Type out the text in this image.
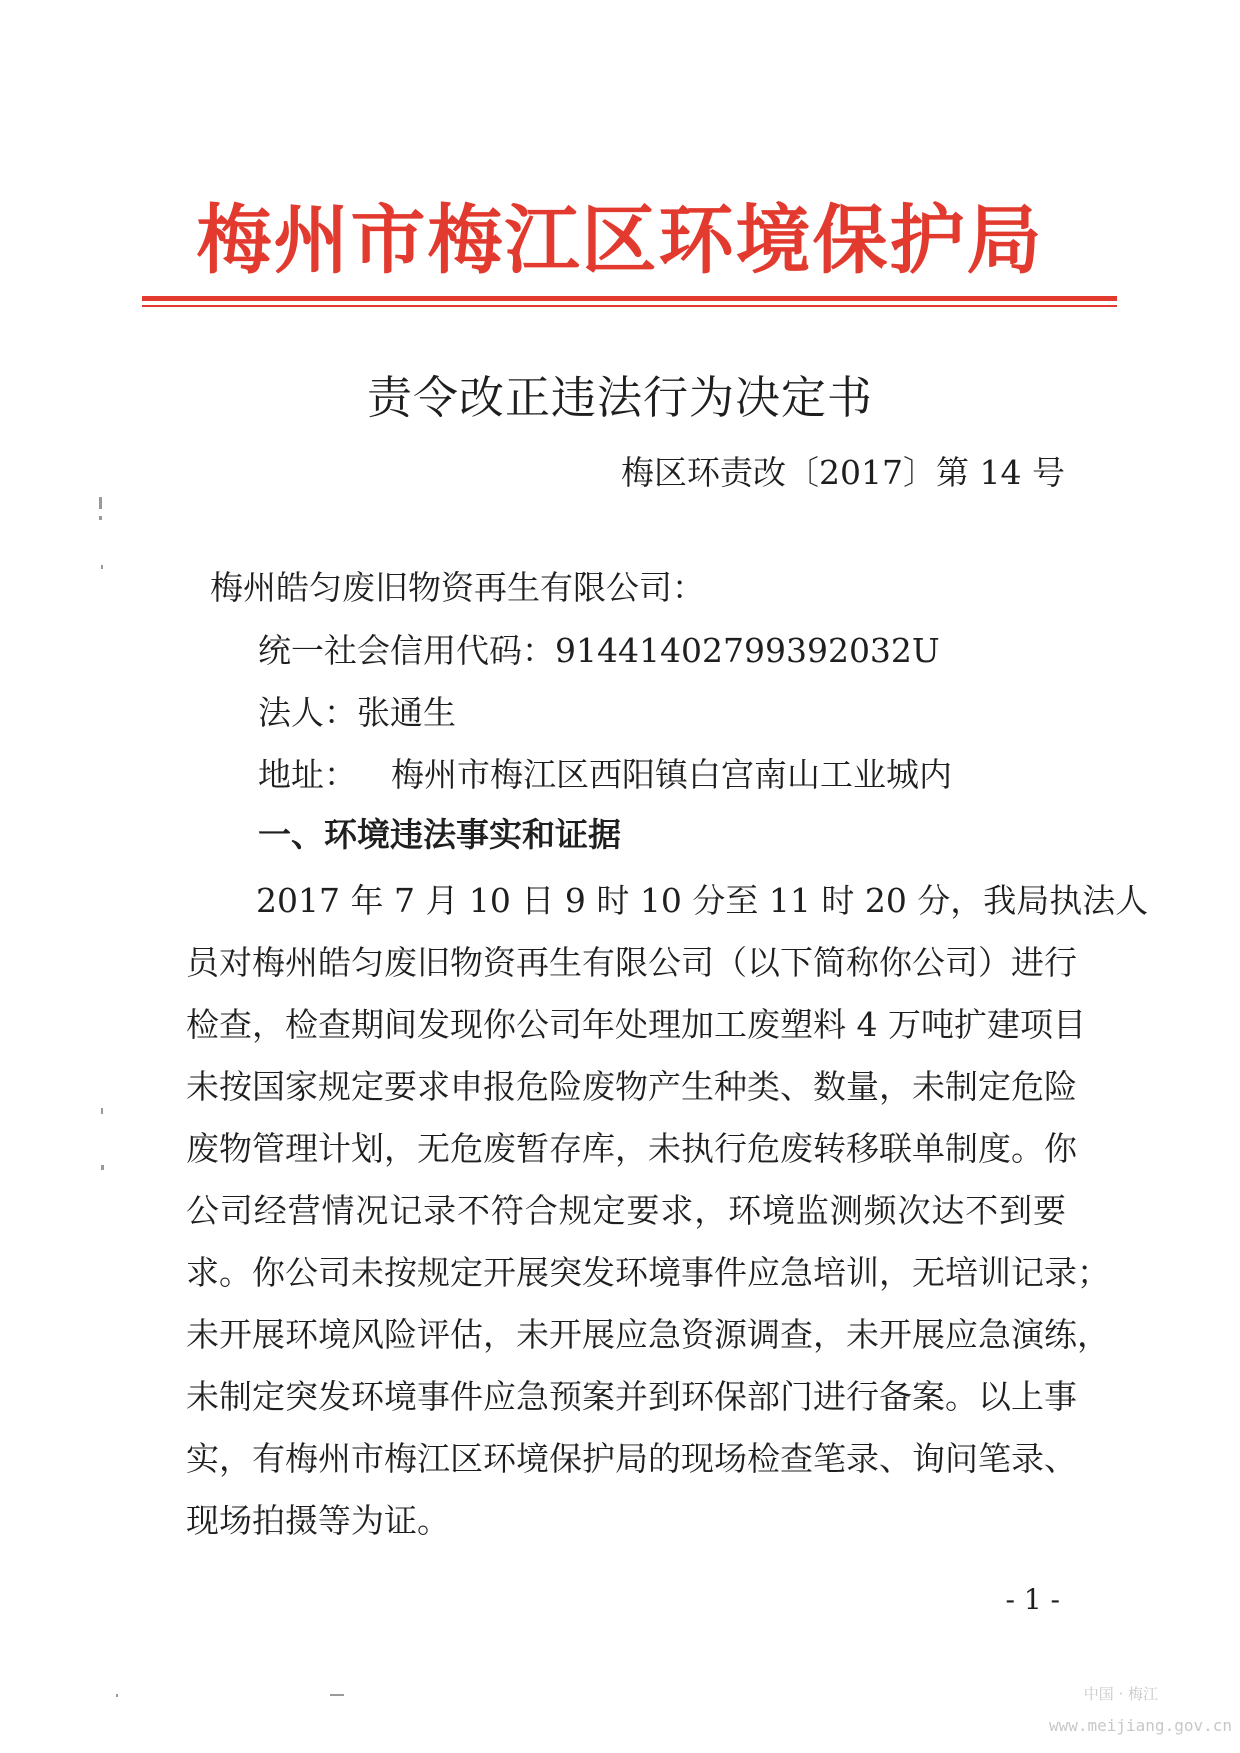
梅州市梅江区环境保护局
责令改正违法行为决定书
梅区环责改〔2017〕第 14 号
梅州皓匀废旧物资再生有限公司：
统一社会信用代码：91441402799392032U
法人：张通生
地址： 梅州市梅江区西阳镇白宫南山工业城内
一、环境违法事实和证据
2017 年 7 月 10 日 9 时 10 分至 11 时 20 分，我局执法人
员对梅州皓匀废旧物资再生有限公司（以下简称你公司）进行
检查，检查期间发现你公司年处理加工废塑料 4 万吨扩建项目
未按国家规定要求申报危险废物产生种类、数量，未制定危险
废物管理计划，无危废暂存库，未执行危废转移联单制度。你
公司经营情况记录不符合规定要求，环境监测频次达不到要
求。你公司未按规定开展突发环境事件应急培训，无培训记录；
未开展环境风险评估，未开展应急资源调查，未开展应急演练，
未制定突发环境事件应急预案并到环保部门进行备案。以上事
实，有梅州市梅江区环境保护局的现场检查笔录、询问笔录、
现场拍摄等为证。
- 1 -
中国 · 梅江
www.meijiang.gov.cn
